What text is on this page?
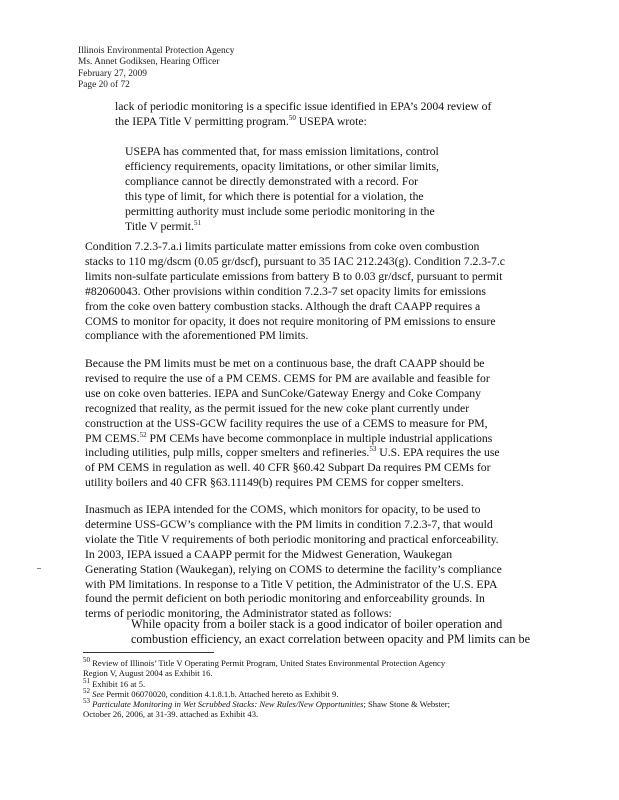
Illinois Environmental Protection Agency
Ms. Annet Godiksen, Hearing Officer
February 27, 2009
Page 20 of 72
lack of periodic monitoring is a specific issue identified in EPA’s 2004 review of
the IEPA Title V permitting program.$^{50}$ USEPA wrote:
USEPA has commented that, for mass emission limitations, control
efficiency requirements, opacity limitations, or other similar limits,
compliance cannot be directly demonstrated with a record. For
this type of limit, for which there is potential for a violation, the
permitting authority must include some periodic monitoring in the
Title V permit.$^{51}$
Condition 7.2.3-7.a.i limits particulate matter emissions from coke oven combustion
stacks to 110 mg/dscm (0.05 gr/dscf), pursuant to 35 IAC 212.243(g). Condition 7.2.3-7.c
limits non-sulfate particulate emissions from battery B to 0.03 gr/dscf, pursuant to permit
#82060043. Other provisions within condition 7.2.3-7 set opacity limits for emissions
from the coke oven battery combustion stacks. Although the draft CAAPP requires a
COMS to monitor for opacity, it does not require monitoring of PM emissions to ensure
compliance with the aforementioned PM limits.
Because the PM limits must be met on a continuous base, the draft CAAPP should be
revised to require the use of a PM CEMS. CEMS for PM are available and feasible for
use on coke oven batteries. IEPA and SunCoke/Gateway Energy and Coke Company
recognized that reality, as the permit issued for the new coke plant currently under
construction at the USS-GCW facility requires the use of a CEMS to measure for PM,
PM CEMS.$^{52}$ PM CEMs have become commonplace in multiple industrial applications
including utilities, pulp mills, copper smelters and refineries.$^{53}$ U.S. EPA requires the use
of PM CEMS in regulation as well. 40 CFR §60.42 Subpart Da requires PM CEMs for
utility boilers and 40 CFR §63.11149(b) requires PM CEMS for copper smelters.
Inasmuch as IEPA intended for the COMS, which monitors for opacity, to be used to
determine USS-GCW’s compliance with the PM limits in condition 7.2.3-7, that would
violate the Title V requirements of both periodic monitoring and practical enforceability.
In 2003, IEPA issued a CAAPP permit for the Midwest Generation, Waukegan
Generating Station (Waukegan), relying on COMS to determine the facility’s compliance
with PM limitations. In response to a Title V petition, the Administrator of the U.S. EPA
found the permit deficient on both periodic monitoring and enforceability grounds. In
terms of periodic monitoring, the Administrator stated as follows:
While opacity from a boiler stack is a good indicator of boiler operation and
combustion efficiency, an exact correlation between opacity and PM limits can be
$^{50}$ Review of Illinois’ Title V Operating Permit Program, United States Environmental Protection Agency
Region V, August 2004 as Exhibit 16.
$^{51}$ Exhibit 16 at 5.
$^{52}$ See Permit 06070020, condition 4.1.8.1.b. Attached hereto as Exhibit 9.
$^{53}$ Particulate Monitoring in Wet Scrubbed Stacks: New Rules/New Opportunities; Shaw Stone & Webster;
October 26, 2006, at 31-39. attached as Exhibit 43.
